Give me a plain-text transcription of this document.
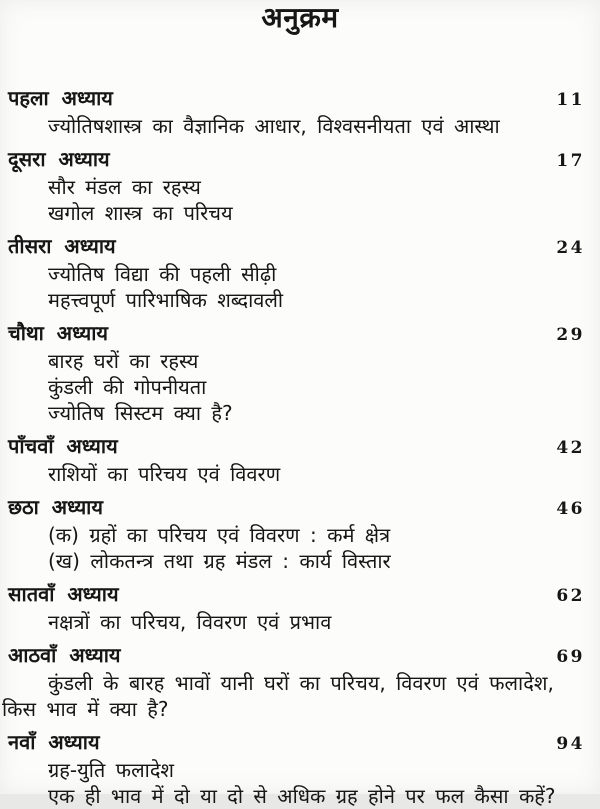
अनुक्रम
पहला अध्याय	11
ज्योतिषशास्त्र का वैज्ञानिक आधार, विश्वसनीयता एवं आस्था
दूसरा अध्याय	17
सौर मंडल का रहस्य
खगोल शास्त्र का परिचय
तीसरा अध्याय	24
ज्योतिष विद्या की पहली सीढ़ी
महत्त्वपूर्ण पारिभाषिक शब्दावली
चौथा अध्याय	29
बारह घरों का रहस्य
कुंडली की गोपनीयता
ज्योतिष सिस्टम क्या है?
पाँचवाँ अध्याय	42
राशियों का परिचय एवं विवरण
छठा अध्याय	46
(क) ग्रहों का परिचय एवं विवरण : कर्म क्षेत्र
(ख) लोकतन्त्र तथा ग्रह मंडल : कार्य विस्तार
सातवाँ अध्याय	62
नक्षत्रों का परिचय, विवरण एवं प्रभाव
आठवाँ अध्याय	69
कुंडली के बारह भावों यानी घरों का परिचय, विवरण एवं फलादेश, किस भाव में क्या है?
नवाँ अध्याय	94
ग्रह-युति फलादेश
एक ही भाव में दो या दो से अधिक ग्रह होने पर फल कैसा कहें?
